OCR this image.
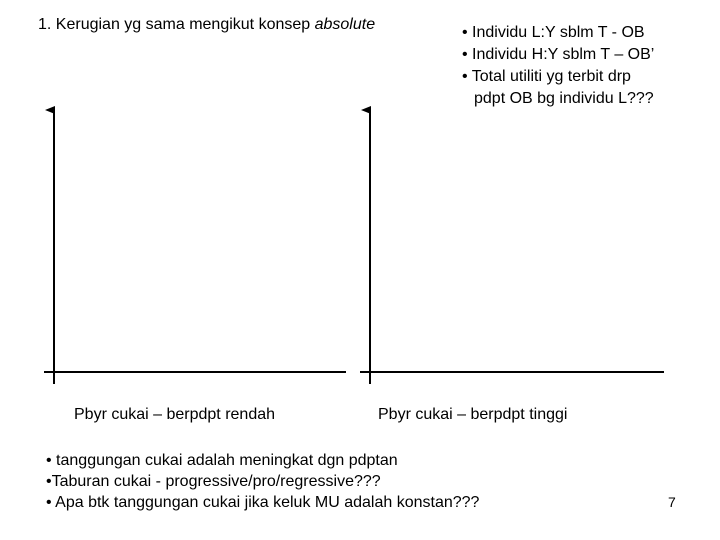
1. Kerugian yg sama mengikut konsep absolute	• Individu L:Y sblm T - OB
• Individu H:Y sblm T – OB’
• Total utiliti yg terbit drp
pdpt OB bg individu L???
Pbyr cukai – berpdpt rendah	Pbyr cukai – berpdpt tinggi
• tanggungan cukai adalah meningkat dgn pdptan
•Taburan cukai - progressive/pro/regressive???
• Apa btk tanggungan cukai jika keluk MU adalah konstan???	7
